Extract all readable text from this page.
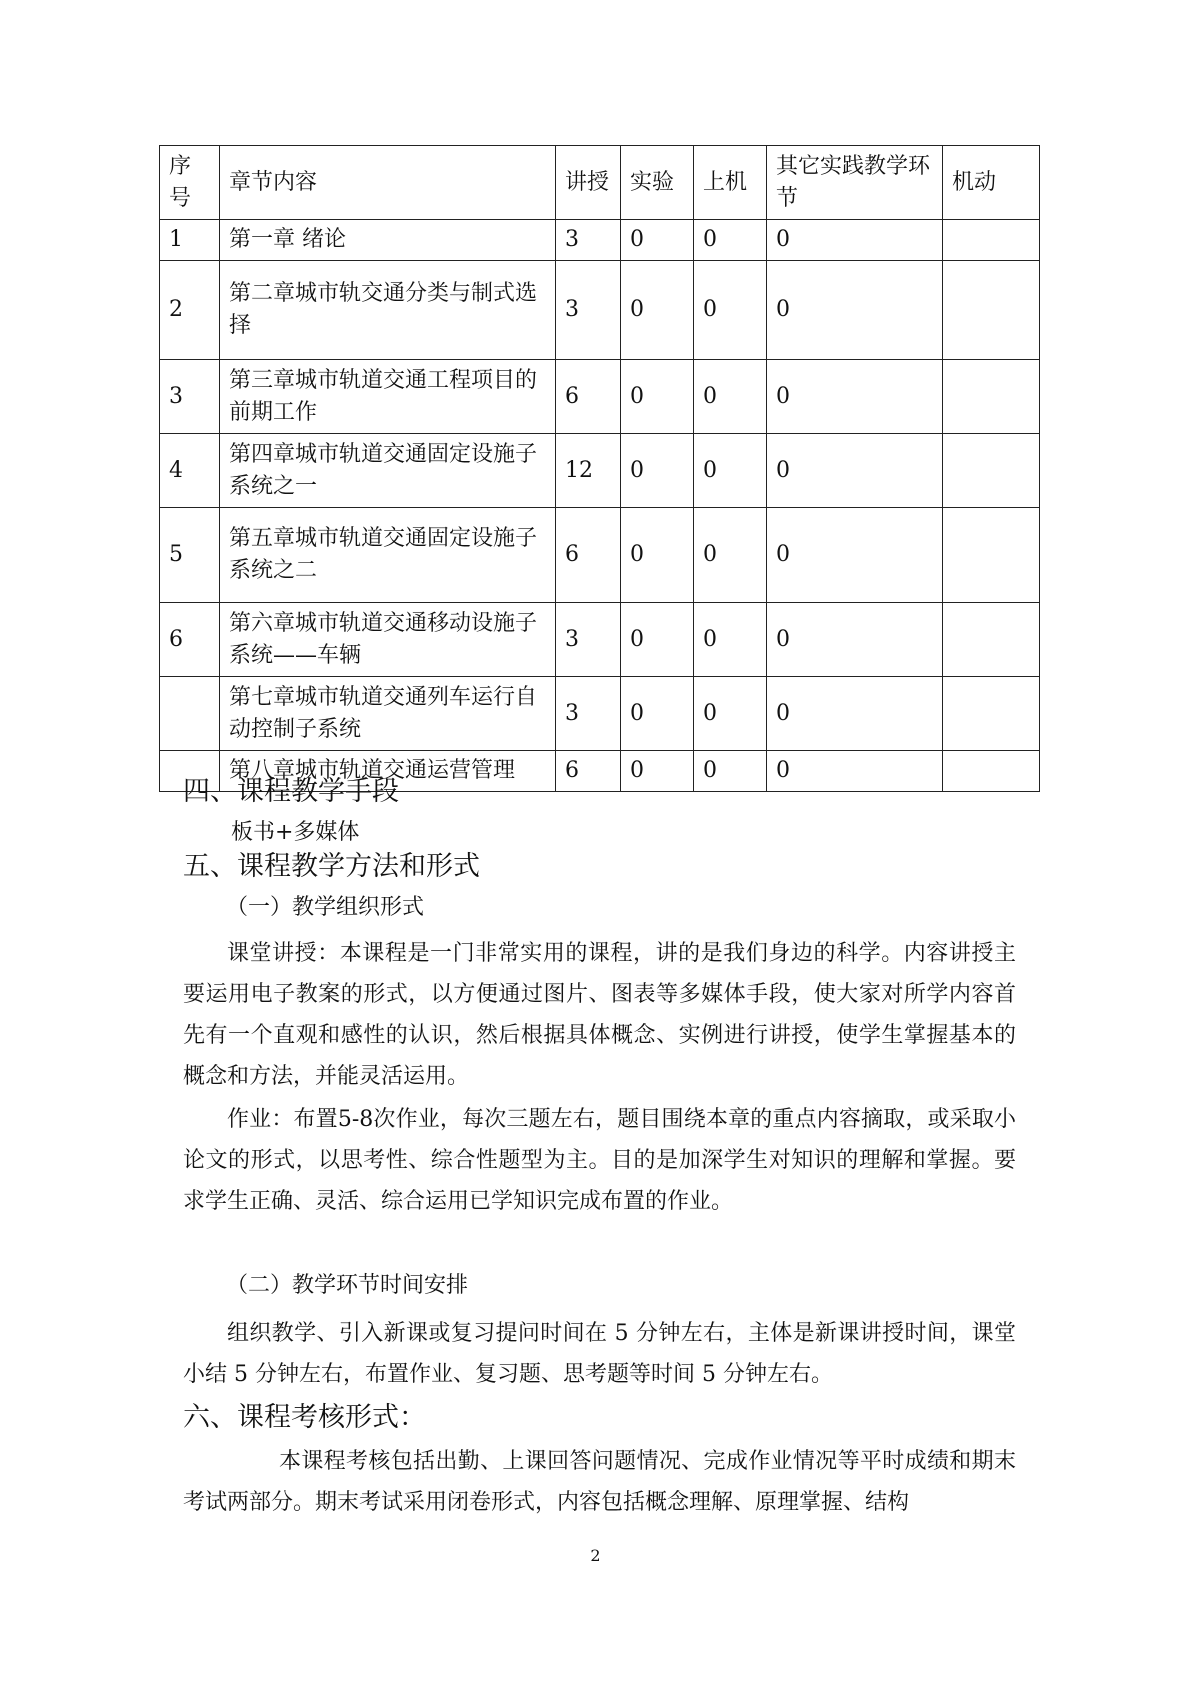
序号	章节内容	讲授	实验	上机	其它实践教学环节	机动
1	第一章 绪论	3	0	0	0	
2	第二章城市轨交通分类与制式选择	3	0	0	0	
3	第三章城市轨道交通工程项目的前期工作	6	0	0	0	
4	第四章城市轨道交通固定设施子系统之一	12	0	0	0	
5	第五章城市轨道交通固定设施子系统之二	6	0	0	0	
6	第六章城市轨道交通移动设施子系统——车辆	3	0	0	0	
	第七章城市轨道交通列车运行自动控制子系统	3	0	0	0	
	第八章城市轨道交通运营管理	6	0	0	0	
四、课程教学手段
板书+多媒体
五、课程教学方法和形式
（一）教学组织形式
课堂讲授：本课程是一门非常实用的课程，讲的是我们身边的科学。内容讲授主要运用电子教案的形式，以方便通过图片、图表等多媒体手段，使大家对所学内容首先有一个直观和感性的认识，然后根据具体概念、实例进行讲授，使学生掌握基本的概念和方法，并能灵活运用。
作业：布置5-8次作业，每次三题左右，题目围绕本章的重点内容摘取，或采取小论文的形式，以思考性、综合性题型为主。目的是加深学生对知识的理解和掌握。要求学生正确、灵活、综合运用已学知识完成布置的作业。
（二）教学环节时间安排
组织教学、引入新课或复习提问时间在 5 分钟左右，主体是新课讲授时间，课堂小结 5 分钟左右，布置作业、复习题、思考题等时间 5 分钟左右。
六、课程考核形式：
本课程考核包括出勤、上课回答问题情况、完成作业情况等平时成绩和期末考试两部分。期末考试采用闭卷形式，内容包括概念理解、原理掌握、结构
2
